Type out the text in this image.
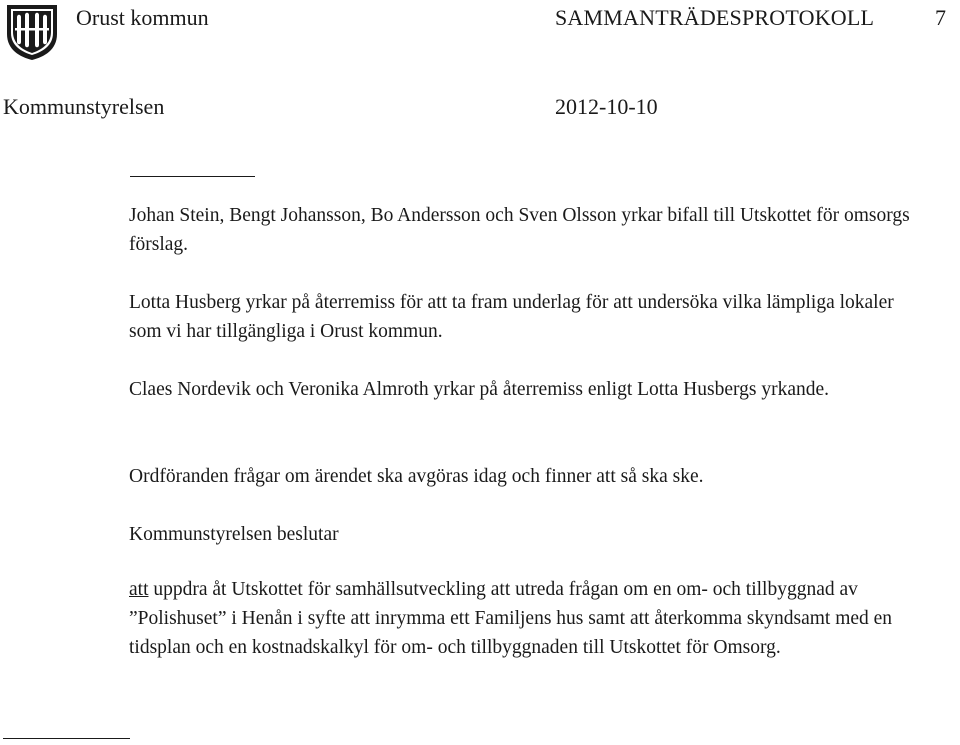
Orust kommun	SAMMANTRÄDESPROTOKOLL	7
Kommunstyrelsen	2012-10-10

Johan Stein, Bengt Johansson, Bo Andersson och Sven Olsson yrkar bifall till Utskottet för omsorgs förslag.

Lotta Husberg yrkar på återremiss för att ta fram underlag för att undersöka vilka lämpliga lokaler som vi har tillgängliga i Orust kommun.

Claes Nordevik och Veronika Almroth yrkar på återremiss enligt Lotta Husbergs yrkande.

Ordföranden frågar om ärendet ska avgöras idag och finner att så ska ske.

Kommunstyrelsen beslutar

att uppdra åt Utskottet för samhällsutveckling att utreda frågan om en om- och tillbyggnad av ”Polishuset” i Henån i syfte att inrymma ett Familjens hus samt att återkomma skyndsamt med en tidsplan och en kostnadskalkyl för om- och tillbyggnaden till Utskottet för Omsorg.
